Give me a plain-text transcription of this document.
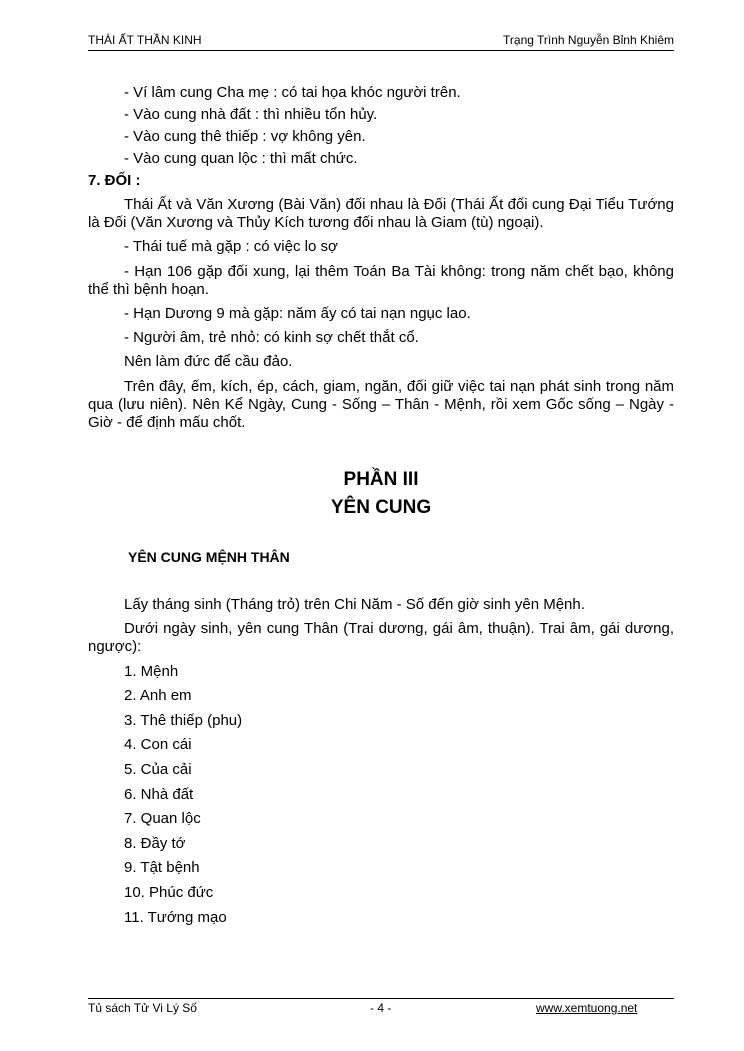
THÁI ẤT THẦN KINH	Trạng Trình Nguyễn Bỉnh Khiêm

- Ví lâm cung Cha mẹ : có tai họa khóc người trên.

- Vào cung nhà đất : thì nhiều tổn hủy.

- Vào cung thê thiếp : vợ không yên.

- Vào cung quan lộc : thì mất chức.

7. ĐỐI :

Thái Ất và Văn Xương (Bài Văn) đối nhau là Đối (Thái Ất đối cung Đại Tiểu Tướng là Đối (Văn Xương và Thủy Kích tương đối nhau là Giam (tù) ngoại).

- Thái tuế mà gặp : có việc lo sợ

- Hạn 106 gặp đối xung, lại thêm Toán Ba Tài không: trong năm chết bạo, không thể thì bệnh hoạn.

- Hạn Dương 9 mà gặp: năm ấy có tai nạn ngục lao.

- Người âm, trẻ nhỏ: có kinh sợ chết thắt cổ.

Nên làm đức để cầu đảo.

Trên đây, ếm, kích, ép, cách, giam, ngăn, đối giữ việc tai nạn phát sinh trong năm qua (lưu niên). Nên Kể Ngày, Cung - Sống – Thân - Mệnh, rồi xem Gốc sống – Ngày - Giờ - để định mấu chốt.

PHẦN III

YÊN CUNG

YÊN CUNG MỆNH THÂN

Lấy tháng sinh (Tháng trỏ) trên Chi Năm - Số đến giờ sinh yên Mệnh.

Dưới ngày sinh, yên cung Thân (Trai dương, gái âm, thuận). Trai âm, gái dương, ngược):

1. Mệnh

2. Anh em

3. Thê thiếp (phu)

4. Con cái

5. Của cải

6. Nhà đất

7. Quan lộc

8. Đầy tớ

9. Tật bệnh

10. Phúc đức

11. Tướng mạo

Tủ sách Tử Vi Lý Số	- 4 -	www.xemtuong.net
